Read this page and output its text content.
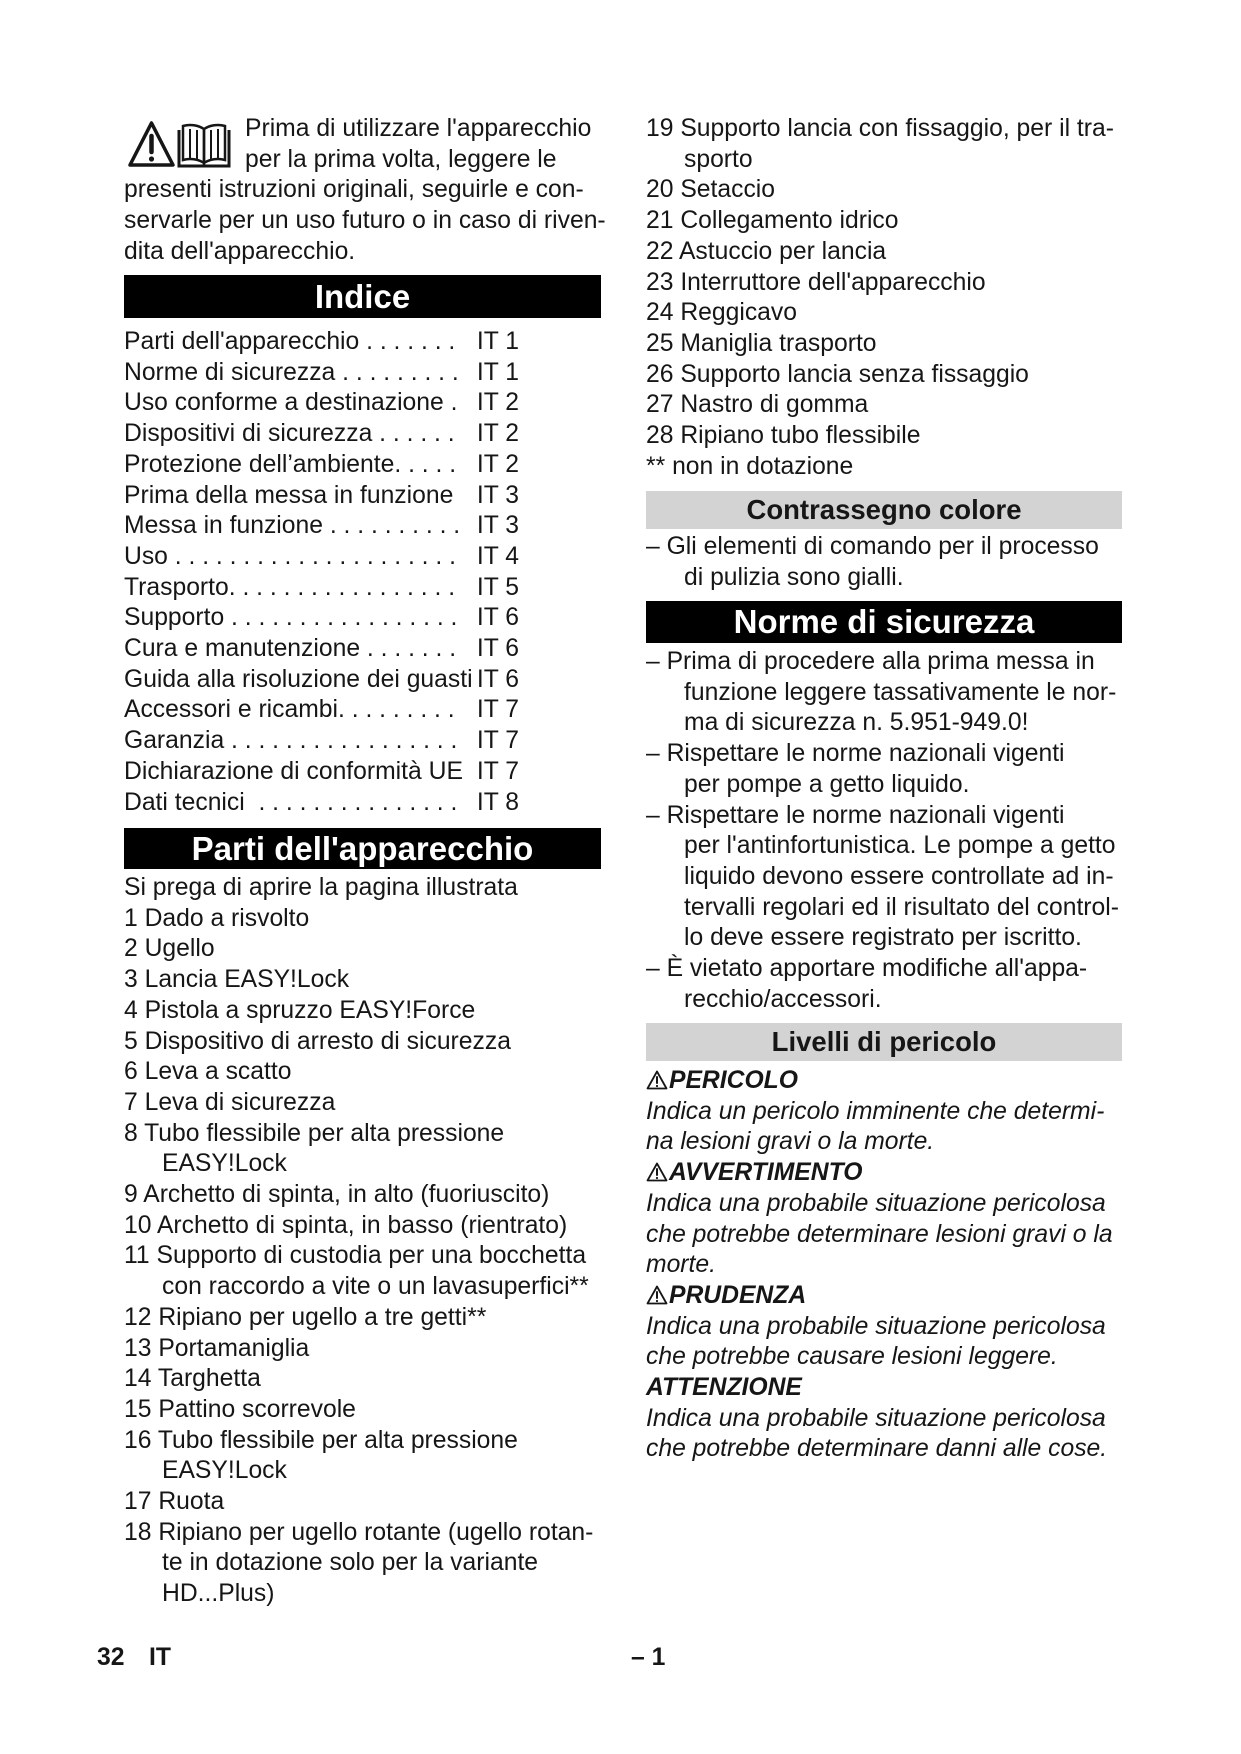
Prima di utilizzare l'apparecchio
per la prima volta, leggere le
presenti istruzioni originali, seguirle e con-
servarle per un uso futuro o in caso di riven-
dita dell'apparecchio.
Indice
Parti dell'apparecchio . . . . . . . IT 1
Norme di sicurezza . . . . . . . . . IT 1
Uso conforme a destinazione . IT 2
Dispositivi di sicurezza . . . . . . IT 2
Protezione dell’ambiente. . . . . IT 2
Prima della messa in funzione IT 3
Messa in funzione . . . . . . . . . . IT 3
Uso . . . . . . . . . . . . . . . . . . . . . IT 4
Trasporto. . . . . . . . . . . . . . . . . IT 5
Supporto . . . . . . . . . . . . . . . . . IT 6
Cura e manutenzione . . . . . . . IT 6
Guida alla risoluzione dei guasti IT 6
Accessori e ricambi. . . . . . . . . IT 7
Garanzia . . . . . . . . . . . . . . . . . IT 7
Dichiarazione di conformità UE IT 7
Dati tecnici  . . . . . . . . . . . . . . . IT 8
Parti dell'apparecchio
Si prega di aprire la pagina illustrata
1 Dado a risvolto
2 Ugello
3 Lancia EASY!Lock
4 Pistola a spruzzo EASY!Force
5 Dispositivo di arresto di sicurezza
6 Leva a scatto
7 Leva di sicurezza
8 Tubo flessibile per alta pressione
EASY!Lock
9 Archetto di spinta, in alto (fuoriuscito)
10 Archetto di spinta, in basso (rientrato)
11 Supporto di custodia per una bocchetta
con raccordo a vite o un lavasuperfici**
12 Ripiano per ugello a tre getti**
13 Portamaniglia
14 Targhetta
15 Pattino scorrevole
16 Tubo flessibile per alta pressione
EASY!Lock
17 Ruota
18 Ripiano per ugello rotante (ugello rotan-
te in dotazione solo per la variante
HD...Plus)
19 Supporto lancia con fissaggio, per il tra-
sporto
20 Setaccio
21 Collegamento idrico
22 Astuccio per lancia
23 Interruttore dell'apparecchio
24 Reggicavo
25 Maniglia trasporto
26 Supporto lancia senza fissaggio
27 Nastro di gomma
28 Ripiano tubo flessibile
** non in dotazione
Contrassegno colore
– Gli elementi di comando per il processo
di pulizia sono gialli.
Norme di sicurezza
– Prima di procedere alla prima messa in
funzione leggere tassativamente le nor-
ma di sicurezza n. 5.951-949.0!
– Rispettare le norme nazionali vigenti
per pompe a getto liquido.
– Rispettare le norme nazionali vigenti
per l'antinfortunistica. Le pompe a getto
liquido devono essere controllate ad in-
tervalli regolari ed il risultato del control-
lo deve essere registrato per iscritto.
– È vietato apportare modifiche all'appa-
recchio/accessori.
Livelli di pericolo
PERICOLO
Indica un pericolo imminente che determi-
na lesioni gravi o la morte.
AVVERTIMENTO
Indica una probabile situazione pericolosa
che potrebbe determinare lesioni gravi o la
morte.
PRUDENZA
Indica una probabile situazione pericolosa
che potrebbe causare lesioni leggere.
ATTENZIONE
Indica una probabile situazione pericolosa
che potrebbe determinare danni alle cose.
32 IT	– 1
